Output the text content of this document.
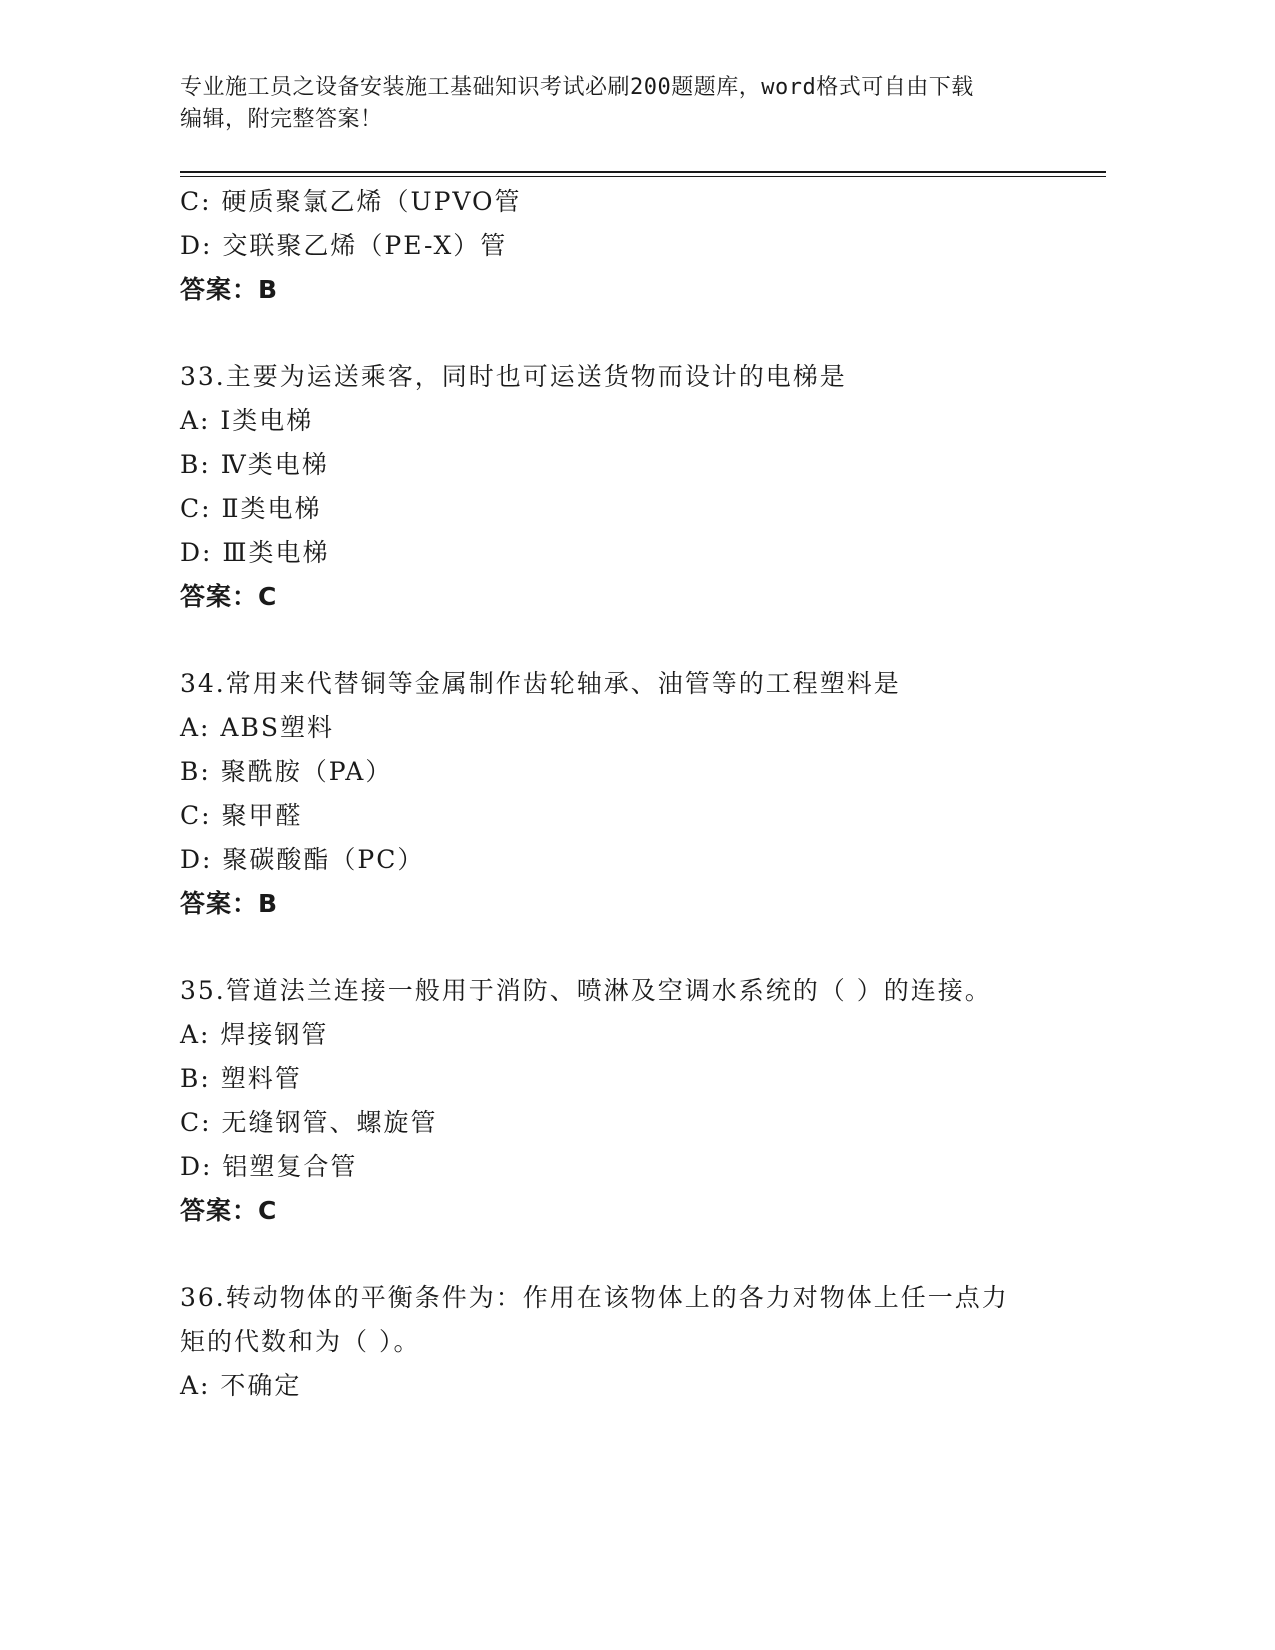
专业施工员之设备安装施工基础知识考试必刷200题题库，word格式可自由下载
编辑，附完整答案！
C: 硬质聚氯乙烯（UPVO管
D: 交联聚乙烯（PE-X）管
答案：B
33.主要为运送乘客，同时也可运送货物而设计的电梯是
A: Ⅰ类电梯
B: Ⅳ类电梯
C: Ⅱ类电梯
D: Ⅲ类电梯
答案：C
34.常用来代替铜等金属制作齿轮轴承、油管等的工程塑料是
A: ABS塑料
B: 聚酰胺（PA）
C: 聚甲醛
D: 聚碳酸酯（PC）
答案：B
35.管道法兰连接一般用于消防、喷淋及空调水系统的（ ）的连接。
A: 焊接钢管
B: 塑料管
C: 无缝钢管、螺旋管
D: 铝塑复合管
答案：C
36.转动物体的平衡条件为：作用在该物体上的各力对物体上任一点力
矩的代数和为（ ）。
A: 不确定
